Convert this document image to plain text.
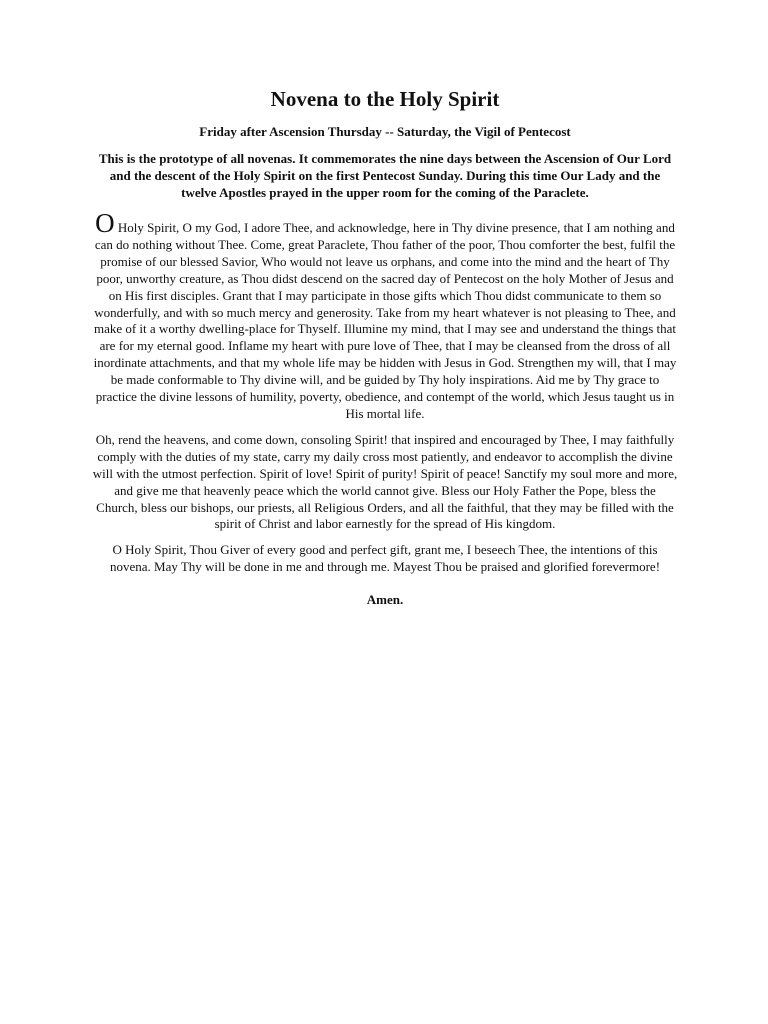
Novena to the Holy Spirit

Friday after Ascension Thursday -- Saturday, the Vigil of Pentecost

This is the prototype of all novenas. It commemorates the nine days between the Ascension of Our Lord and the descent of the Holy Spirit on the first Pentecost Sunday. During this time Our Lady and the twelve Apostles prayed in the upper room for the coming of the Paraclete.

O Holy Spirit, O my God, I adore Thee, and acknowledge, here in Thy divine presence, that I am nothing and can do nothing without Thee. Come, great Paraclete, Thou father of the poor, Thou comforter the best, fulfil the promise of our blessed Savior, Who would not leave us orphans, and come into the mind and the heart of Thy poor, unworthy creature, as Thou didst descend on the sacred day of Pentecost on the holy Mother of Jesus and on His first disciples. Grant that I may participate in those gifts which Thou didst communicate to them so wonderfully, and with so much mercy and generosity. Take from my heart whatever is not pleasing to Thee, and make of it a worthy dwelling-place for Thyself. Illumine my mind, that I may see and understand the things that are for my eternal good. Inflame my heart with pure love of Thee, that I may be cleansed from the dross of all inordinate attachments, and that my whole life may be hidden with Jesus in God. Strengthen my will, that I may be made conformable to Thy divine will, and be guided by Thy holy inspirations. Aid me by Thy grace to practice the divine lessons of humility, poverty, obedience, and contempt of the world, which Jesus taught us in His mortal life.

Oh, rend the heavens, and come down, consoling Spirit! that inspired and encouraged by Thee, I may faithfully comply with the duties of my state, carry my daily cross most patiently, and endeavor to accomplish the divine will with the utmost perfection. Spirit of love! Spirit of purity! Spirit of peace! Sanctify my soul more and more, and give me that heavenly peace which the world cannot give. Bless our Holy Father the Pope, bless the Church, bless our bishops, our priests, all Religious Orders, and all the faithful, that they may be filled with the spirit of Christ and labor earnestly for the spread of His kingdom.

O Holy Spirit, Thou Giver of every good and perfect gift, grant me, I beseech Thee, the intentions of this novena. May Thy will be done in me and through me. Mayest Thou be praised and glorified forevermore!

Amen.
